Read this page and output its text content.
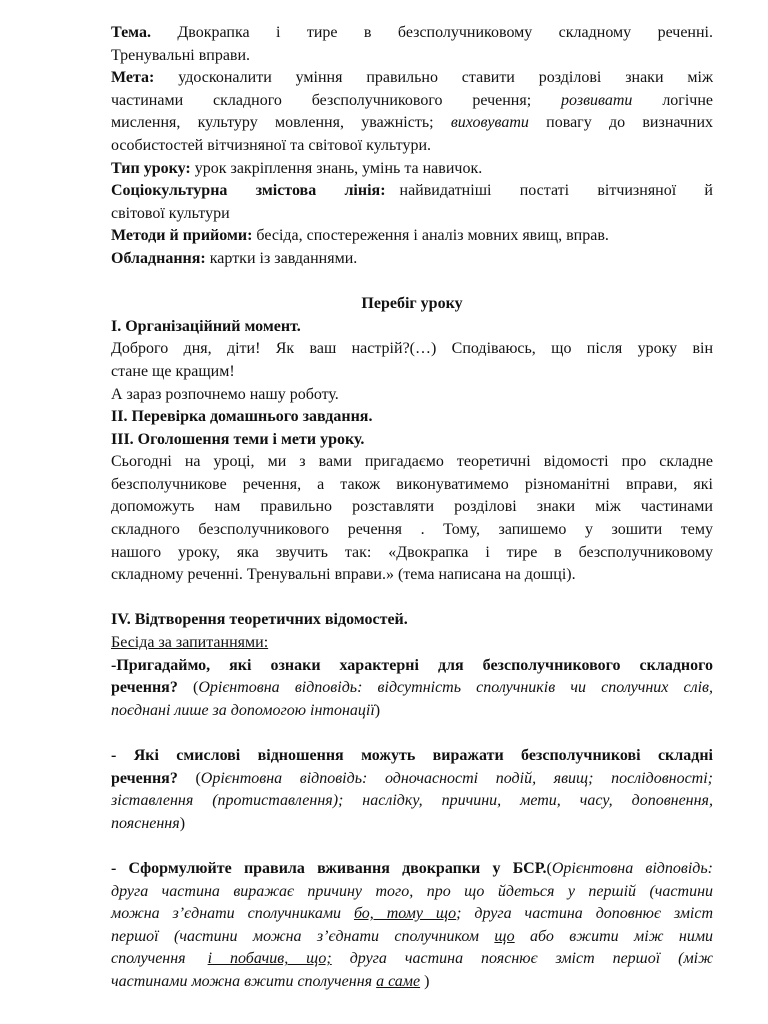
Тема. Двокрапка і тире в безсполучниковому складному реченні.
Тренувальні вправи.
Мета: удосконалити уміння правильно ставити розділові знаки між
частинами складного безсполучникового речення; розвивати логічне
мислення, культуру мовлення, уважність; виховувати повагу до визначних
особистостей вітчизняної та світової культури.
Тип уроку: урок закріплення знань, умінь та навичок.
Соціокультурна змістова лінія: найвидатніші постаті вітчизняної й
світової культури
Методи й прийоми: бесіда, спостереження і аналіз мовних явищ, вправ.
Обладнання: картки із завданнями.
Перебіг уроку
I. Організаційний момент.
Доброго дня, діти! Як ваш настрій?(…) Сподіваюсь, що після уроку він
стане ще кращим!
А зараз розпочнемо нашу роботу.
II. Перевірка домашнього завдання.
III. Оголошення теми і мети уроку.
Сьогодні на уроці, ми з вами пригадаємо теоретичні відомості про складне
безсполучникове речення, а також виконуватимемо різноманітні вправи, які
допоможуть нам правильно розставляти розділові знаки між частинами
складного безсполучникового речення . Тому, запишемо у зошити тему
нашого уроку, яка звучить так: «Двокрапка і тире в безсполучниковому
складному реченні. Тренувальні вправи.» (тема написана на дошці).
IV. Відтворення теоретичних відомостей.
Бесіда за запитаннями:
-Пригадаймо, які ознаки характерні для безсполучникового складного
речення? (Орієнтовна відповідь: відсутність сполучників чи сполучних слів,
поєднані лише за допомогою інтонації)
- Які смислові відношення можуть виражати безсполучникові складні
речення? (Орієнтовна відповідь: одночасності подій, явищ; послідовності;
зіставлення (протиставлення); наслідку, причини, мети, часу, доповнення,
пояснення)
- Сформулюйте правила вживання двокрапки у БСР.(Орієнтовна відповідь:
друга частина виражає причину того, про що йдеться у першій (частини
можна з’єднати сполучниками бо, тому що; друга частина доповнює зміст
першої (частини можна з’єднати сполучником що або вжити між ними
сполучення і побачив, що; друга частина пояснює зміст першої (між
частинами можна вжити сполучення а саме )
